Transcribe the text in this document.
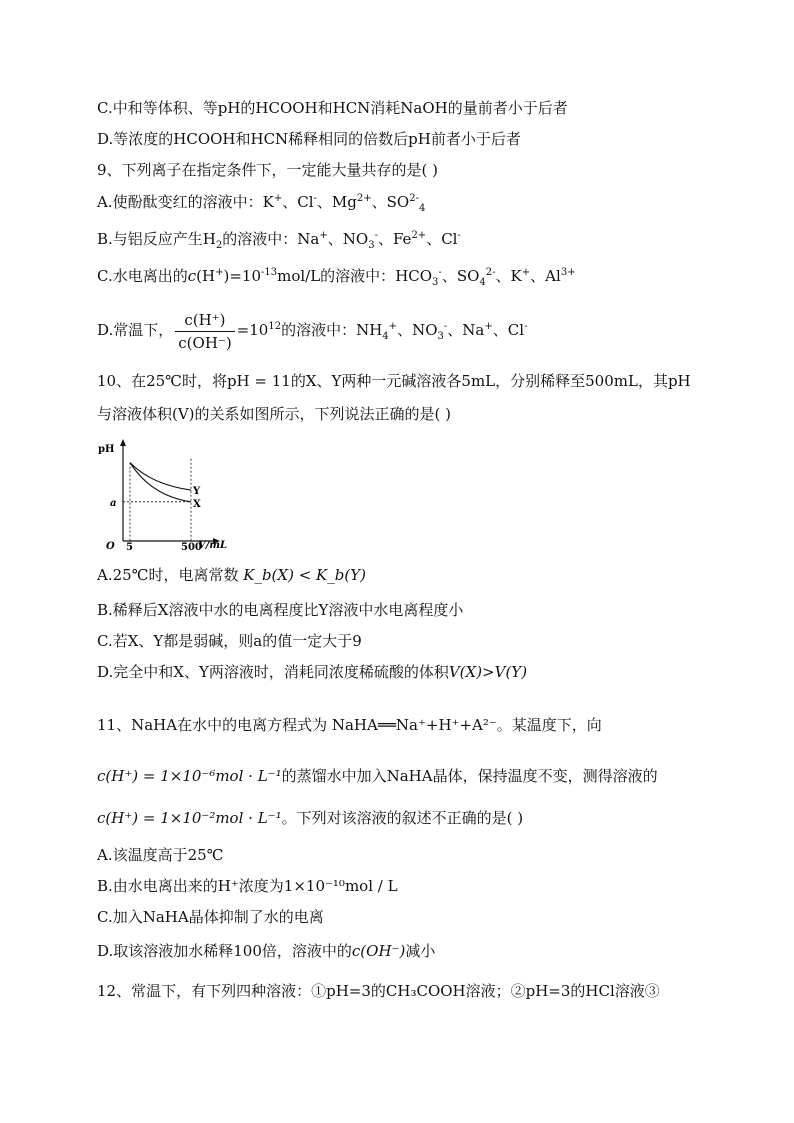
C.中和等体积、等pH的HCOOH和HCN消耗NaOH的量前者小于后者
D.等浓度的HCOOH和HCN稀释相同的倍数后pH前者小于后者
9、下列离子在指定条件下，一定能大量共存的是( )
A.使酚酞变红的溶液中：K+、Cl-、$Mg^{2+}$、$SO^{2-}_4$
B.与铝反应产生$H_2$的溶液中：Na+、$NO_3^-$、$Fe^{2+}$、Cl-
C.水电离出的$c(H^+)=10^{-13}mol/L$的溶液中：$HCO_3^-$、$SO_4^{2-}$、K+、$Al^{3+}$
D.常温下， $\frac{c(H^+)}{c(OH^-)} =10^{12}$的溶液中：$NH_4^+$、$NO_3^-$、Na+、Cl-
10、在25℃时，将pH = 11的X、Y两种一元碱溶液各5mL，分别稀释至500mL，其pH
与溶液体积(V)的关系如图所示，下列说法正确的是( )
Y
X
pH
a
O 5	500
V/mL
A.25℃时，电离常数 K_b(X) < K_b(Y)
B.稀释后X溶液中水的电离程度比Y溶液中水电离程度小
C.若X、Y都是弱碱，则a的值一定大于9
D.完全中和X、Y两溶液时，消耗同浓度稀硫酸的体积V(X)>V(Y)
11、NaHA在水中的电离方程式为 NaHA══Na⁺+H⁺+A²⁻。某温度下，向
c(H⁺) = 1×10⁻⁶mol · L⁻¹的蒸馏水中加入NaHA晶体，保持温度不变，测得溶液的
c(H⁺) = 1×10⁻²mol · L⁻¹。下列对该溶液的叙述不正确的是( )
A.该温度高于25℃
B.由水电离出来的H⁺浓度为1×10⁻¹⁰mol / L
C.加入NaHA晶体抑制了水的电离
D.取该溶液加水稀释100倍，溶液中的c(OH⁻)减小
12、常温下，有下列四种溶液：①pH=3的CH₃COOH溶液；②pH=3的HCl溶液③
